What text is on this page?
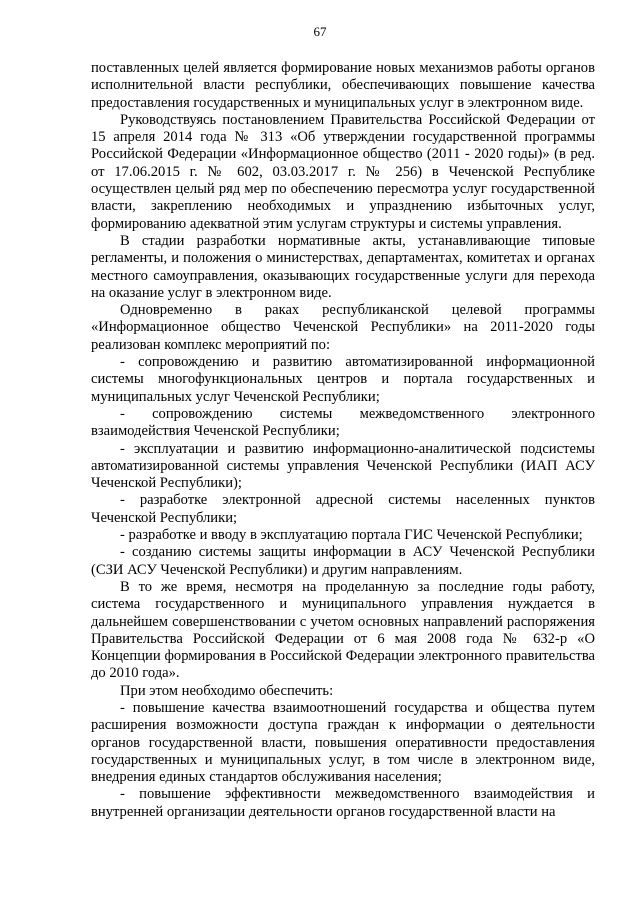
67

поставленных целей является формирование новых механизмов работы органов исполнительной власти республики, обеспечивающих повышение качества предоставления государственных и муниципальных услуг в электронном виде.

Руководствуясь постановлением Правительства Российской Федерации от 15 апреля 2014 года № 313 «Об утверждении государственной программы Российской Федерации «Информационное общество (2011 - 2020 годы)» (в ред. от 17.06.2015 г. № 602, 03.03.2017 г. № 256) в Чеченской Республике осуществлен целый ряд мер по обеспечению пересмотра услуг государственной власти, закреплению необходимых и упразднению избыточных услуг, формированию адекватной этим услугам структуры и системы управления.

В стадии разработки нормативные акты, устанавливающие типовые регламенты, и положения о министерствах, департаментах, комитетах и органах местного самоуправления, оказывающих государственные услуги для перехода на оказание услуг в электронном виде.

Одновременно в раках республиканской целевой программы «Информационное общество Чеченской Республики» на 2011-2020 годы реализован комплекс мероприятий по:

- сопровождению и развитию автоматизированной информационной системы многофункциональных центров и портала государственных и муниципальных услуг Чеченской Республики;

- сопровождению системы межведомственного электронного взаимодействия Чеченской Республики;

- эксплуатации и развитию информационно-аналитической подсистемы автоматизированной системы управления Чеченской Республики (ИАП АСУ Чеченской Республики);

- разработке электронной адресной системы населенных пунктов Чеченской Республики;

- разработке и вводу в эксплуатацию портала ГИС Чеченской Республики;

- созданию системы защиты информации в АСУ Чеченской Республики (СЗИ АСУ Чеченской Республики) и другим направлениям.

В то же время, несмотря на проделанную за последние годы работу, система государственного и муниципального управления нуждается в дальнейшем совершенствовании с учетом основных направлений распоряжения Правительства Российской Федерации от 6 мая 2008 года № 632-р «О Концепции формирования в Российской Федерации электронного правительства до 2010 года».

При этом необходимо обеспечить:

- повышение качества взаимоотношений государства и общества путем расширения возможности доступа граждан к информации о деятельности органов государственной власти, повышения оперативности предоставления государственных и муниципальных услуг, в том числе в электронном виде, внедрения единых стандартов обслуживания населения;

- повышение эффективности межведомственного взаимодействия и внутренней организации деятельности органов государственной власти на
